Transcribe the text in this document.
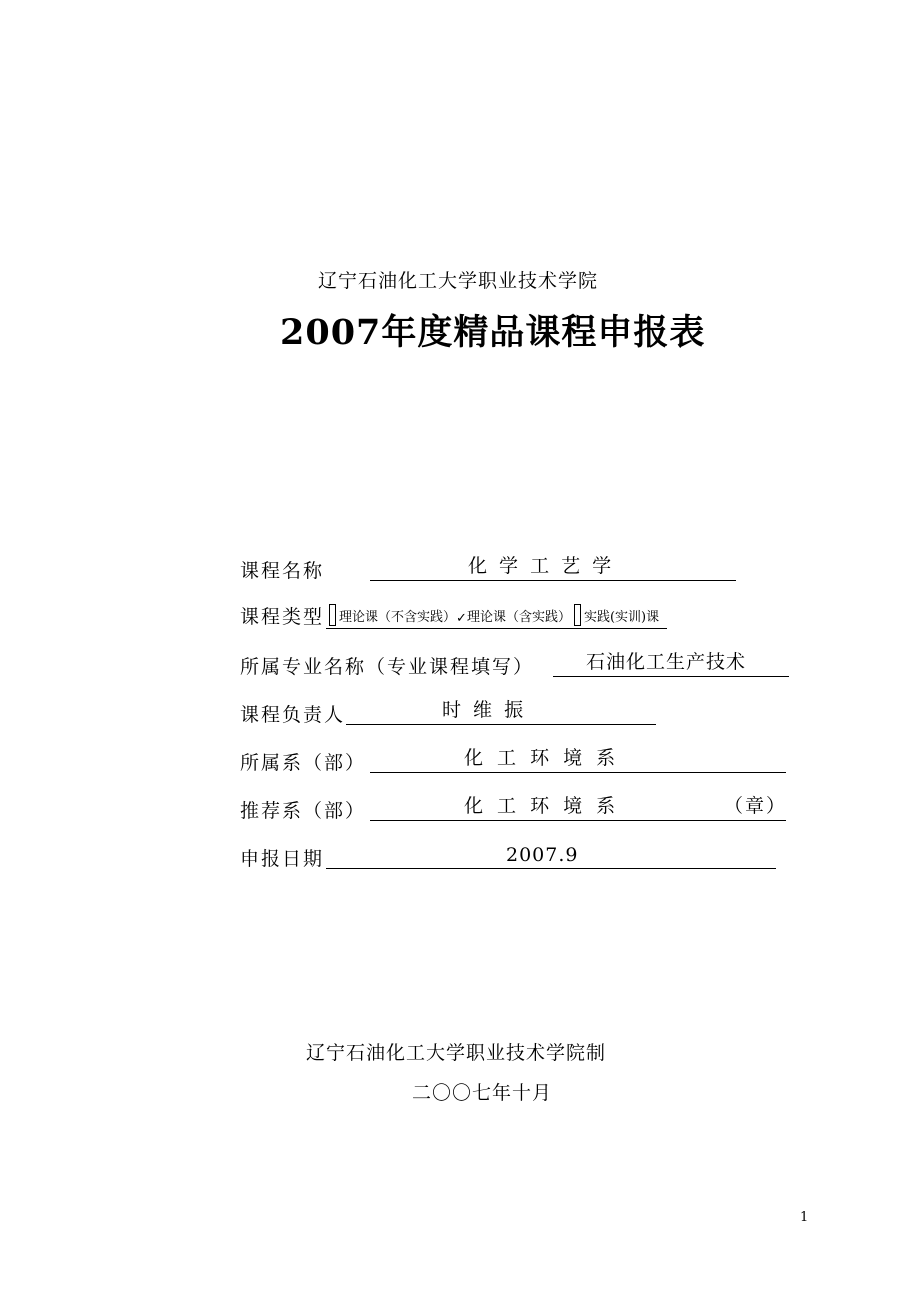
辽宁石油化工大学职业技术学院
2007年度精品课程申报表
课程名称	化 学 工 艺 学
课程类型 理论课（不含实践） ✓ 理论课（含实践） 实践(实训)课
所属专业名称（专业课程填写）	石油化工生产技术
课程负责人	时 维 振
所属系（部）	化 工 环 境 系
推荐系（部）	化 工 环 境 系	（章）
申报日期	2007.9
辽宁石油化工大学职业技术学院制
二〇〇七年十月
1
